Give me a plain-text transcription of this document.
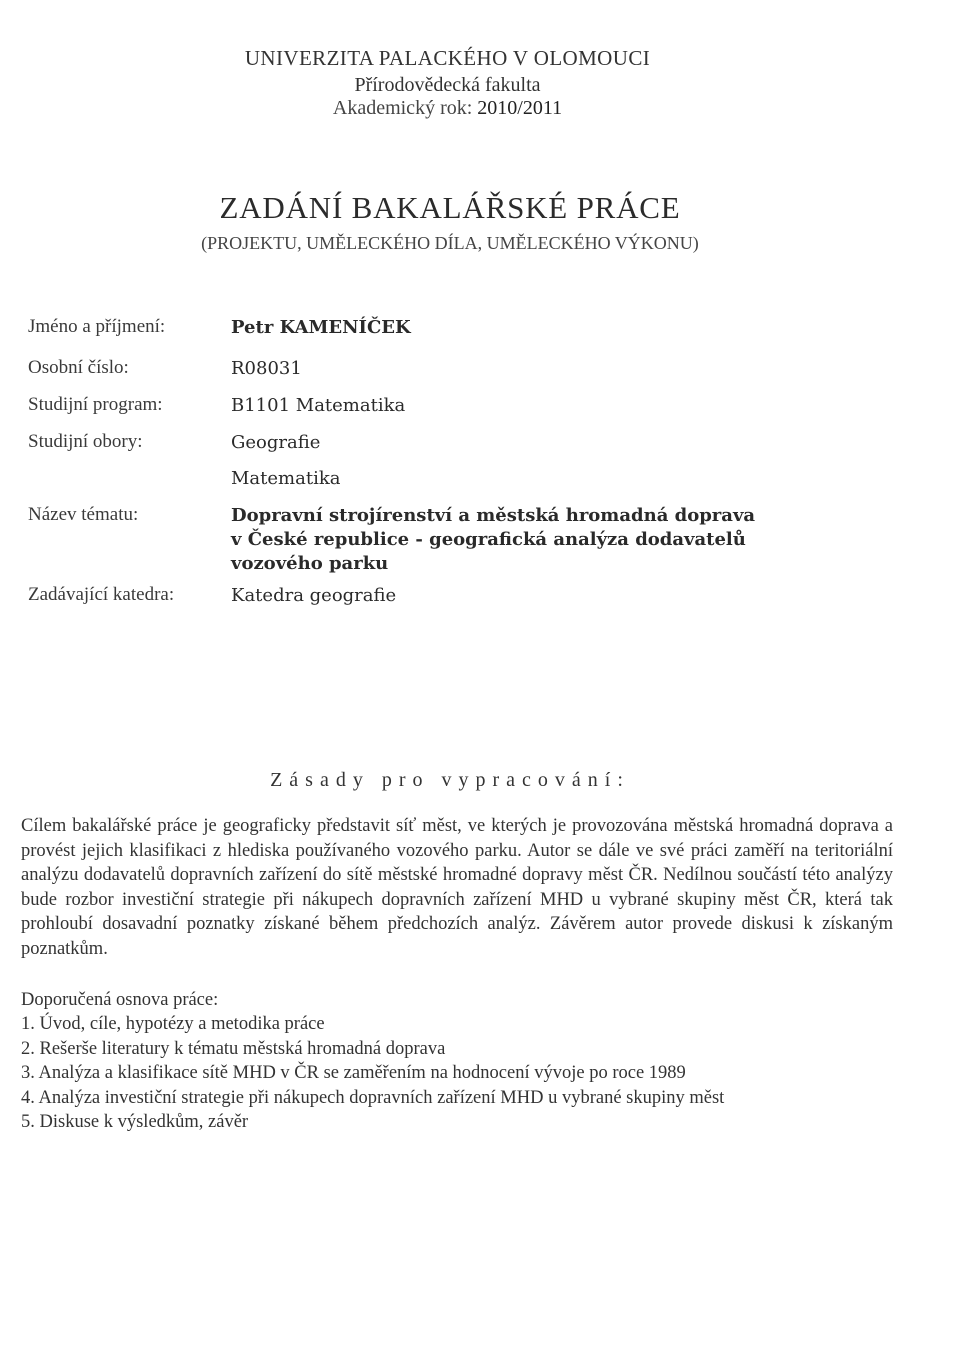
UNIVERZITA PALACKÉHO V OLOMOUCI
Přírodovědecká fakulta
Akademický rok: 2010/2011
ZADÁNÍ BAKALÁŘSKÉ PRÁCE
(PROJEKTU, UMĚLECKÉHO DÍLA, UMĚLECKÉHO VÝKONU)
Jméno a příjmení:	Petr KAMENÍČEK
Osobní číslo:	R08031
Studijní program:	B1101 Matematika
Studijní obory:	Geografie
Matematika
Název tématu:	Dopravní strojírenství a městská hromadná doprava
v České republice - geografická analýza dodavatelů
vozového parku
Zadávající katedra:	Katedra geografie
Zásady pro vypracování:
Cílem bakalářské práce je geograficky představit síť měst, ve kterých je provozována městská hromadná doprava a provést jejich klasifikaci z hlediska používaného vozového parku. Autor se dále ve své práci zaměří na teritoriální analýzu dodavatelů dopravních zařízení do sítě městské hromadné dopravy měst ČR. Nedílnou součástí této analýzy bude rozbor investiční strategie při nákupech dopravních zařízení MHD u vybrané skupiny měst ČR, která tak prohloubí dosavadní poznatky získané během předchozích analýz. Závěrem autor provede diskusi k získaným poznatkům.
Doporučená osnova práce:
1. Úvod, cíle, hypotézy a metodika práce
2. Rešerše literatury k tématu městská hromadná doprava
3. Analýza a klasifikace sítě MHD v ČR se zaměřením na hodnocení vývoje po roce 1989
4. Analýza investiční strategie při nákupech dopravních zařízení MHD u vybrané skupiny měst
5. Diskuse k výsledkům, závěr
